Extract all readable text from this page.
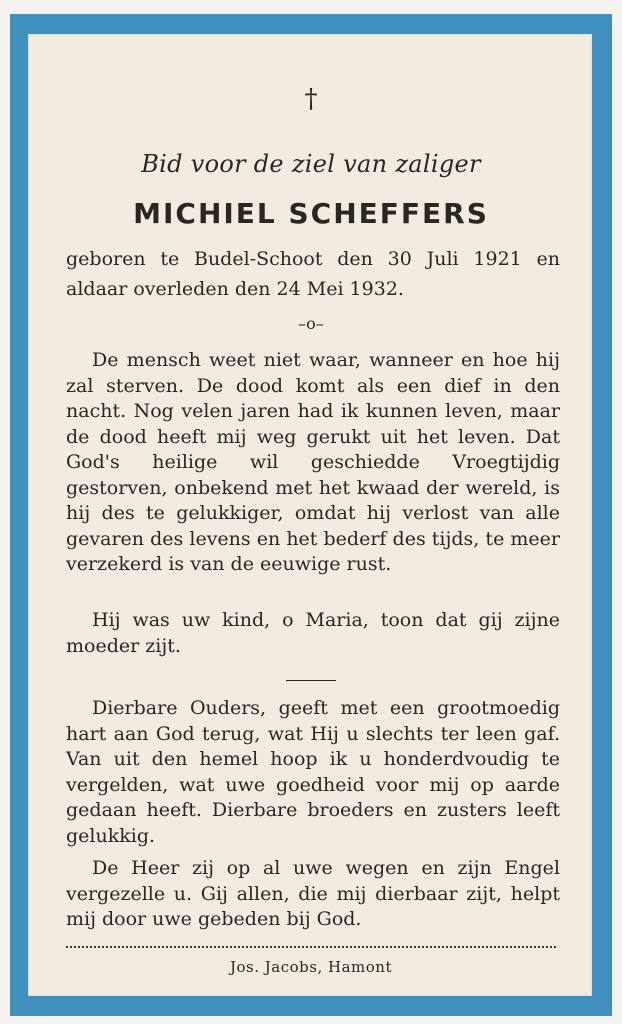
†
Bid voor de ziel van zaliger
MICHIEL SCHEFFERS
geboren te Budel-Schoot den 30 Juli 1921 en aldaar overleden den 24 Mei 1932.
–o–
De mensch weet niet waar, wanneer en hoe hij zal sterven. De dood komt als een dief in den nacht. Nog velen jaren had ik kunnen leven, maar de dood heeft mij weg gerukt uit het leven. Dat God's heilige wil geschiedde Vroegtijdig gestorven, onbekend met het kwaad der wereld, is hij des te gelukkiger, omdat hij verlost van alle gevaren des levens en het bederf des tijds, te meer verzekerd is van de eeuwige rust.
Hij was uw kind, o Maria, toon dat gij zijne moeder zijt.
Dierbare Ouders, geeft met een grootmoedig hart aan God terug, wat Hij u slechts ter leen gaf. Van uit den hemel hoop ik u honderdvoudig te vergelden, wat uwe goedheid voor mij op aarde gedaan heeft. Dierbare broeders en zusters leeft gelukkig.
De Heer zij op al uwe wegen en zijn Engel vergezelle u. Gij allen, die mij dierbaar zijt, helpt mij door uwe gebeden bij God.
Jos. Jacobs, Hamont
